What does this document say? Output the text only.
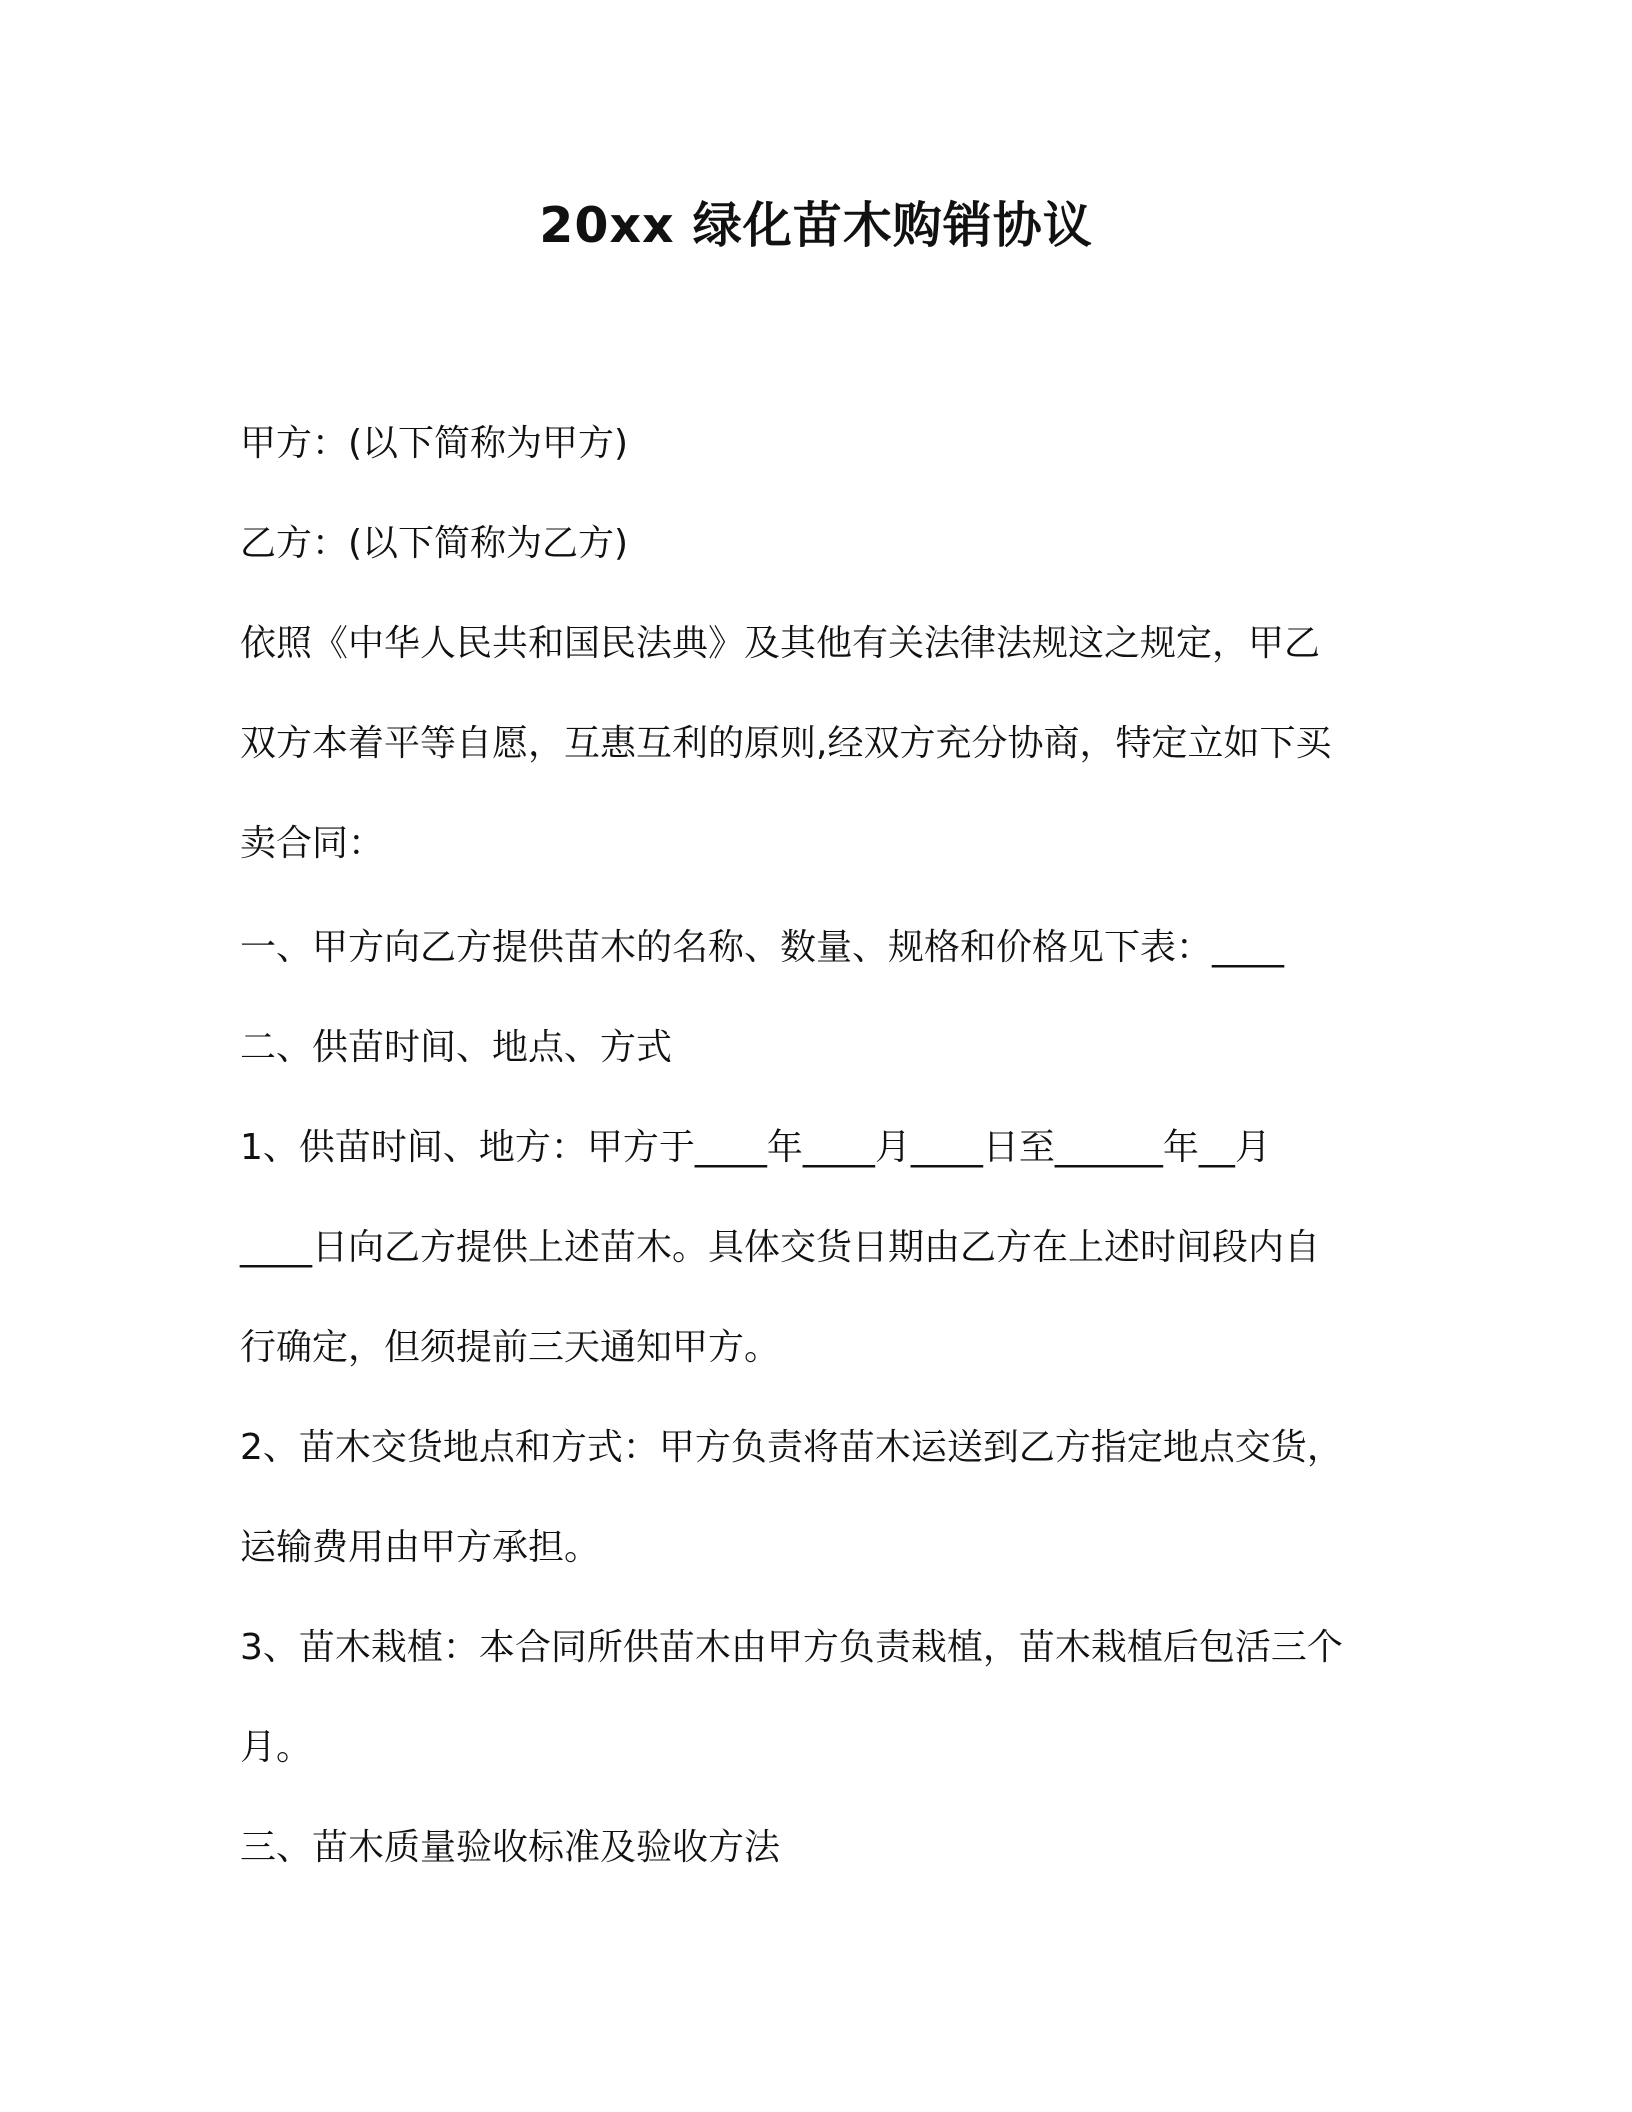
20xx 绿化苗木购销协议
甲方：(以下简称为甲方)
乙方：(以下简称为乙方)
依照《中华人民共和国民法典》及其他有关法律法规这之规定，甲乙
双方本着平等自愿，互惠互利的原则,经双方充分协商，特定立如下买
卖合同：
一、甲方向乙方提供苗木的名称、数量、规格和价格见下表：____
二、供苗时间、地点、方式
1、供苗时间、地方：甲方于____年____月____日至______年__月
____日向乙方提供上述苗木。具体交货日期由乙方在上述时间段内自
行确定，但须提前三天通知甲方。
2、苗木交货地点和方式：甲方负责将苗木运送到乙方指定地点交货，
运输费用由甲方承担。
3、苗木栽植：本合同所供苗木由甲方负责栽植，苗木栽植后包活三个
月。
三、苗木质量验收标准及验收方法
